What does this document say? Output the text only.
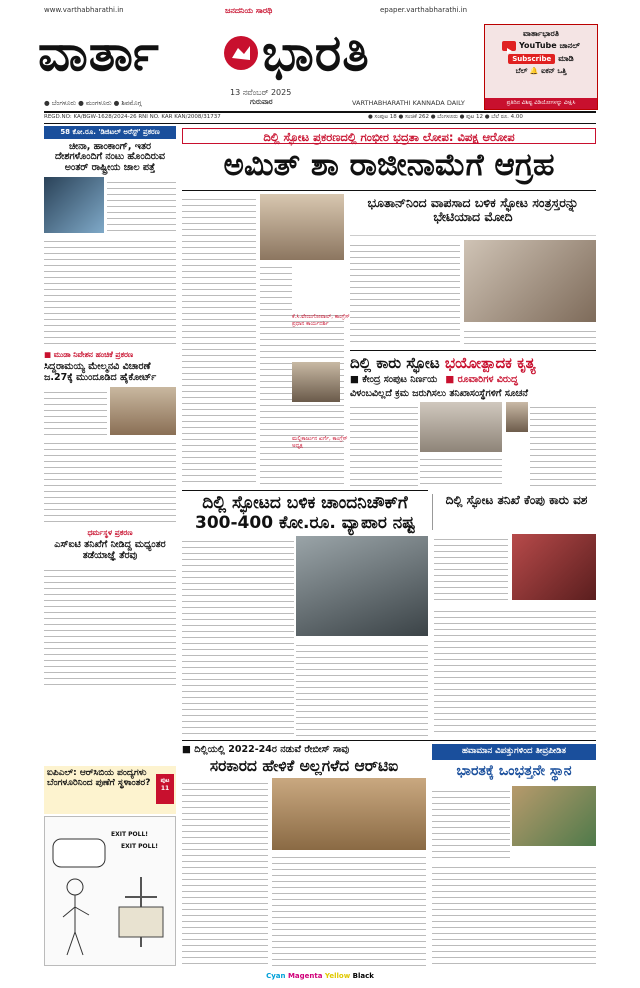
www.varthabharathi.in	ಜನದನಿಯ ಸಾರಥಿ	epaper.varthabharathi.in
ವಾರ್ತಾ ಭಾರತಿ
13 ನವೆಂಬರ್ 2025
ಗುರುವಾರ
● ಬೆಂಗಳೂರು ● ಮಂಗಳೂರು ● ಶಿವಮೊಗ್ಗ	VARTHABHARATHI KANNADA DAILY
ವಾರ್ತಾಭಾರತಿ
YouTube ಚಾನಲ್
Subscribe ಮಾಡಿ
ಬೆಲ್ 🔔 ಐಕನ್ ಒತ್ತಿ
ಪ್ರತಿದಿನ ವಿಶಿಷ್ಟ ವಿಡಿಯೋಗಳನ್ನು ವೀಕ್ಷಿಸಿ
REGD.NO: KA/BGW-1628/2024-26 RNI NO. KAR KAN/2008/31737	● ಸಂಪುಟ 18 ● ಸಂಚಿಕೆ 262 ● ಬೆಂಗಳೂರು ● ಪುಟ 12 ● ಬೆಲೆ ರೂ. 4.00
58 ಕೋ.ರೂ. 'ಡಿಜಿಟಲ್ ಅರೆಸ್ಟ್' ಪ್ರಕರಣ
ಚೀನಾ, ಹಾಂಕಾಂಗ್, ಇತರ ದೇಶಗಳೊಂದಿಗೆ ನಂಟು ಹೊಂದಿರುವ ಅಂತರ್ ರಾಷ್ಟ್ರೀಯ ಜಾಲ ಪತ್ತೆ
■ ಮುಡಾ ನಿವೇಶನ ಹಂಚಿಕೆ ಪ್ರಕರಣ
ಸಿದ್ದರಾಮಯ್ಯ ಮೇಲ್ಮನವಿ ವಿಚಾರಣೆ ಜ.27ಕ್ಕೆ ಮುಂದೂಡಿದ ಹೈಕೋರ್ಟ್
ಧರ್ಮಸ್ಥಳ ಪ್ರಕರಣ
ಎಸ್‌ಐಟಿ ತನಿಖೆಗೆ ನೀಡಿದ್ದ ಮಧ್ಯಂತರ ತಡೆಯಾಜ್ಞೆ ತೆರವು
ಐಪಿಎಲ್: ಆರ್‌ಸಿಬಿಯ ಪಂದ್ಯಗಳು ಬೆಂಗಳೂರಿನಿಂದ ಪುಣೆಗೆ ಸ್ಥಳಾಂತರ?	ಪುಟ 11
EXIT POLL!
EXIT POLL!
ದಿಲ್ಲಿ ಸ್ಫೋಟ ಪ್ರಕರಣದಲ್ಲಿ ಗಂಭೀರ ಭದ್ರತಾ ಲೋಪ: ವಿಪಕ್ಷ ಆರೋಪ
ಅಮಿತ್ ಶಾ ರಾಜೀನಾಮೆಗೆ ಆಗ್ರಹ
ಕೆ.ಸಿ.ವೇಣುಗೋಪಾಲ್, ಕಾಂಗ್ರೆಸ್ ಪ್ರಧಾನ ಕಾರ್ಯದರ್ಶಿ
ಮಲ್ಲಿಕಾರ್ಜುನ ಖರ್ಗೆ, ಕಾಂಗ್ರೆಸ್ ಅಧ್ಯಕ್ಷ
ಭೂತಾನ್‌ನಿಂದ ವಾಪಸಾದ ಬಳಿಕ ಸ್ಫೋಟ ಸಂತ್ರಸ್ತರನ್ನು ಭೇಟಿಯಾದ ಮೋದಿ
ದಿಲ್ಲಿ ಕಾರು ಸ್ಫೋಟ ಭಯೋತ್ಪಾದಕ ಕೃತ್ಯ
■ ಕೇಂದ್ರ ಸಂಪುಟ ನಿರ್ಣಯ ■ ರೂವಾರಿಗಳ ವಿರುದ್ಧ
ವಿಳಂಬವಿಲ್ಲದೆ ಕ್ರಮ ಜರುಗಿಸಲು ತನಿಖಾಸಂಸ್ಥೆಗಳಿಗೆ ಸೂಚನೆ
ದಿಲ್ಲಿ ಸ್ಫೋಟದ ಬಳಿಕ ಚಾಂದನಿಚೌಕ್‌ಗೆ 300-400 ಕೋ.ರೂ. ವ್ಯಾಪಾರ ನಷ್ಟ
ದಿಲ್ಲಿ ಸ್ಫೋಟ ತನಿಖೆ ಕೆಂಪು ಕಾರು ವಶ
■ ದಿಲ್ಲಿಯಲ್ಲಿ 2022-24ರ ನಡುವೆ ರೇಬೀಸ್ ಸಾವು
ಸರಕಾರದ ಹೇಳಿಕೆ ಅಲ್ಲಗಳೆದ ಆರ್‌ಟಿಐ
ಹವಾಮಾನ ವಿಪತ್ತುಗಳಿಂದ ತೀವ್ರಪೀಡಿತ
ಭಾರತಕ್ಕೆ ಒಂಭತ್ತನೇ ಸ್ಥಾನ
Cyan Magenta Yellow Black
